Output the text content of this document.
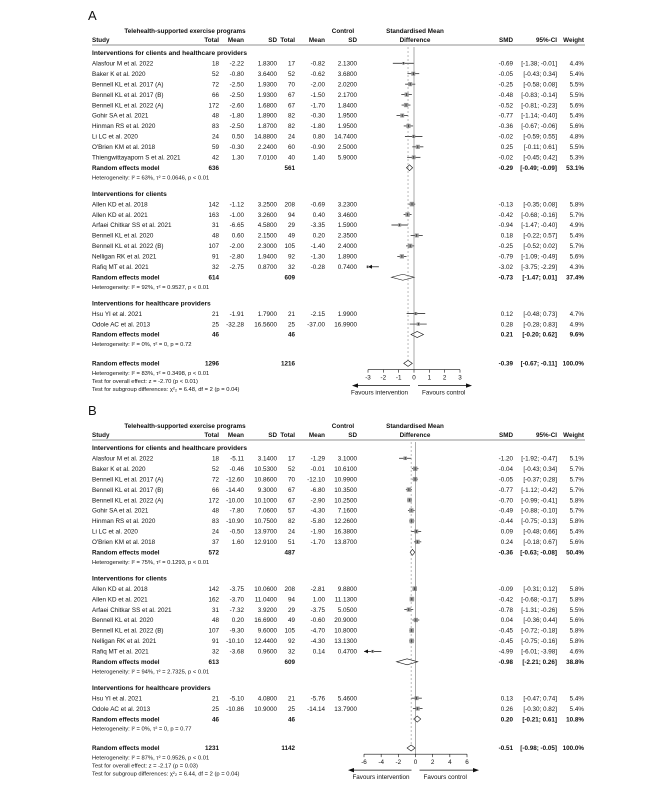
A
Telehealth-supported exercise programs	Control	Standardised Mean
Difference
Study	Total Mean	SD Total Mean	SD	SMD	95%-CI Weight
Interventions for clients and healthcare providers
Alasfour M et al. 2022	18 -2.22 1.8300 17 -0.82 2.1300	-0.69 [-1.38; -0.01] 4.4%
Baker K et al. 2020	52 -0.80 3.6400 52 -0.62 3.6800	-0.05 [-0.43; 0.34] 5.4%
Bennell KL et al. 2017 (A)	72 -2.50 1.9300 70 -2.00 2.0200	-0.25 [-0.58; 0.08] 5.5%
Bennell KL et al. 2017 (B)	66 -2.50 1.9300 67 -1.50 2.1700	-0.48 [-0.83; -0.14] 5.5%
Bennell KL et al. 2022 (A)	172 -2.60 1.6800 67 -1.70 1.8400	-0.52 [-0.81; -0.23] 5.6%
Gohir SA et al. 2021	48 -1.80 1.8900 82 -0.30 1.9500	-0.77 [-1.14; -0.40] 5.4%
Hinman RS et al. 2020	83 -2.50 1.8700 82 -1.80 1.9500	-0.36 [-0.67; -0.06] 5.6%
Li LC et al. 2020	24 0.50 14.8800 24	0.80 14.7400	-0.02 [-0.59; 0.55] 4.8%
O'Brien KM et al. 2018	59 -0.30 2.2400 60 -0.90 2.5000	0.25 [-0.11; 0.61] 5.5%
Thiengwittayaporn S et al. 2021	42 1.30 7.0100 40	1.40 5.9000	-0.02 [-0.45; 0.42] 5.3%
Random effects model	636	561	-0.29 [-0.49; -0.09] 53.1%
Heterogeneity: I² = 63%, τ² = 0.0646, p < 0.01
Interventions for clients
Allen KD et al. 2018	142 -1.12 3.2500 208 -0.69 3.2300	-0.13 [-0.35; 0.08] 5.8%
Allen KD et al. 2021	163 -1.00 3.2600 94	0.40 3.4600	-0.42 [-0.68; -0.16] 5.7%
Arfaei Chitkar SS et al. 2021	31 -6.65 4.5800 29 -3.35 1.5900	-0.94 [-1.47; -0.40] 4.9%
Bennell KL et al. 2020	48 0.60 2.1500 49	0.20 2.3500	0.18 [-0.22; 0.57] 5.4%
Bennell KL et al. 2022 (B)	107 -2.00 2.3000 105 -1.40 2.4000	-0.25 [-0.52; 0.02] 5.7%
Nelligan RK et al. 2021	91 -2.80 1.9400 92 -1.30 1.8900	-0.79 [-1.09; -0.49] 5.6%
Rafiq MT et al. 2021	32 -2.75 0.8700 32 -0.28 0.7400	-3.02 [-3.75; -2.29] 4.3%
Random effects model	614	609	-0.73 [-1.47; 0.01] 37.4%
Heterogeneity: I² = 92%, τ² = 0.9527, p < 0.01
Interventions for healthcare providers
Hsu YI et al. 2021	21 -1.91 1.7900 21 -2.15 1.9900	0.12 [-0.48; 0.73] 4.7%
Odole AC et al. 2013	25 -32.28 16.5600 25 -37.00 16.9900	0.28 [-0.28; 0.83] 4.9%
Random effects model	46	46	0.21 [-0.20; 0.62] 9.6%
Heterogeneity: I² = 0%, τ² = 0, p = 0.72
Random effects model	1296	1216	-0.39 [-0.67; -0.11] 100.0%
Heterogeneity: I² = 83%, τ² = 0.3498, p < 0.01
Test for overall effect: z = -2.70 (p < 0.01)
Test for subgroup differences: χ²₂ = 6.48, df = 2 (p = 0.04)
-3 -2 -1 0 1 2 3
Favours intervention Favours control
B
Telehealth-supported exercise programs	Control	Standardised Mean
Difference
Study	Total Mean	SD Total Mean	SD	SMD	95%-CI Weight
Interventions for clients and healthcare providers
Alasfour M et al. 2022	18 -5.11 3.1400 17 -1.29 3.1000	-1.20 [-1.92; -0.47] 5.1%
Baker K et al. 2020	52 -0.46 10.5300 52 -0.01 10.6100	-0.04 [-0.43; 0.34] 5.7%
Bennell KL et al. 2017 (A)	72 -12.60 10.8600 70 -12.10 10.9900	-0.05 [-0.37; 0.28] 5.7%
Bennell KL et al. 2017 (B)	66 -14.40 9.3000 67 -6.80 10.3500	-0.77 [-1.12; -0.42] 5.7%
Bennell KL et al. 2022 (A)	172 -10.00 10.1000 67 -2.90 10.2500	-0.70 [-0.99; -0.41] 5.8%
Gohir SA et al. 2021	48 -7.80 7.0600 57 -4.30 7.1600	-0.49 [-0.88; -0.10] 5.7%
Hinman RS et al. 2020	83 -10.90 10.7500 82 -5.80 12.2600	-0.44 [-0.75; -0.13] 5.8%
Li LC et al. 2020	24 -0.50 13.9700 24 -1.90 16.3800	0.09 [-0.48; 0.66] 5.4%
O'Brien KM et al. 2018	37 1.60 12.9100 51 -1.70 13.8700	0.24 [-0.18; 0.67] 5.6%
Random effects model	572	487	-0.36 [-0.63; -0.08] 50.4%
Heterogeneity: I² = 75%, τ² = 0.1293, p < 0.01
Interventions for clients
Allen KD et al. 2018	142 -3.75 10.0600 208 -2.81 9.8800	-0.09 [-0.31; 0.12] 5.8%
Allen KD et al. 2021	162 -3.70 11.0400 94	1.00 11.1300	-0.42 [-0.68; -0.17] 5.8%
Arfaei Chitkar SS et al. 2021	31 -7.32 3.9200 29 -3.75 5.0500	-0.78 [-1.31; -0.26] 5.5%
Bennell KL et al. 2020	48 0.20 16.6900 49 -0.60 20.9000	0.04 [-0.36; 0.44] 5.6%
Bennell KL et al. 2022 (B)	107 -9.30 9.6000 105 -4.70 10.8000	-0.45 [-0.72; -0.18] 5.8%
Nelligan RK et al. 2021	91 -10.10 12.4400 92 -4.30 13.1300	-0.45 [-0.75; -0.16] 5.8%
Rafiq MT et al. 2021	32 -3.68 0.9600 32	0.14 0.4700	-4.99 [-6.01; -3.98] 4.6%
Random effects model	613	609	-0.98 [-2.21; 0.26] 38.8%
Heterogeneity: I² = 94%, τ² = 2.7325, p < 0.01
Interventions for healthcare providers
Hsu YI et al. 2021	21 -5.10 4.0800 21 -5.76 5.4600	0.13 [-0.47; 0.74] 5.4%
Odole AC et al. 2013	25 -10.86 10.9000 25 -14.14 13.7900	0.26 [-0.30; 0.82] 5.4%
Random effects model	46	46	0.20 [-0.21; 0.61] 10.8%
Heterogeneity: I² = 0%, τ² = 0, p = 0.77
Random effects model	1231	1142	-0.51 [-0.98; -0.05] 100.0%
Heterogeneity: I² = 87%, τ² = 0.9526, p < 0.01
Test for overall effect: z = -2.17 (p = 0.03)
Test for subgroup differences: χ²₂ = 6.44, df = 2 (p = 0.04)
-6 -4 -2 0 2 4 6
Favours intervention Favours control
